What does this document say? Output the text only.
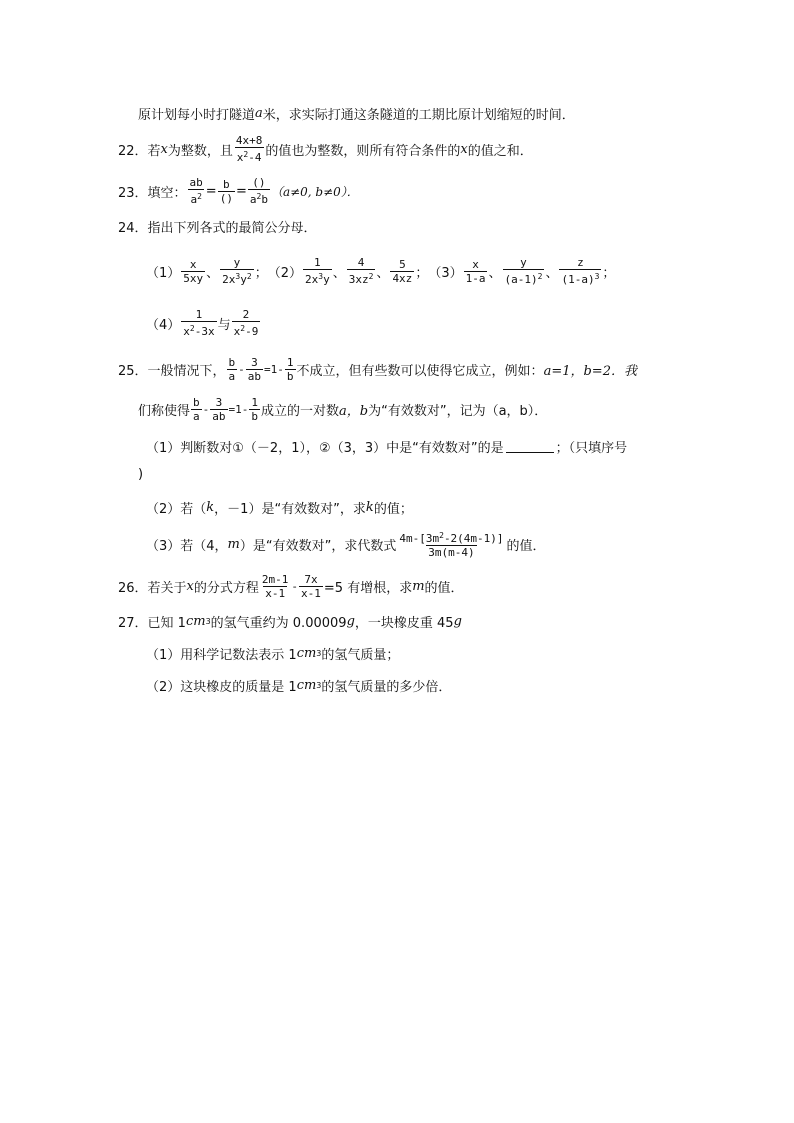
原计划每小时打隧道 a 米，求实际打通这条隧道的工期比原计划缩短的时间．
22．若 x 为整数，且 $\frac{4x+8}{x^2-4}$ 的值也为整数，则所有符合条件的 x 的值之和．
23．填空： $\frac{ab}{a^2} = \frac{b}{()} = \frac{()}{a^2b} (a\ne 0$, b≠0）．
24．指出下列各式的最简公分母．
$(1) \frac{x}{5xy}$ 、 $\frac{y}{2x^3y^2}$ ； $(2) \frac{1}{2x^3y}$ 、 $\frac{4}{3xz^2}$ 、 $\frac{5}{4xz}$ ； $(3) \frac{x}{1-a}$ 、 $\frac{y}{(a-1)^2}$ 、 $\frac{z}{(1-a)^3}$ ；
$(4) \frac{1}{x^2-3x}$ 与 $\frac{2}{x^2-9}$
25．一般情况下， $\frac{b}{a} - \frac{3}{ab} =1- \frac{1}{b}$ 不成立，但有些数可以使得它成立，例如： a=1，b=2．我
们称使得 $\frac{b}{a} - \frac{3}{ab} =1- \frac{1}{b}$ 成立的一对数 a，b 为“有效数对”，记为（a，b）．
（1）判断数对①（－2，1），②（3，3）中是“有效数对”的是	；（只填序号
)
（2）若（ k ，－1）是“有效数对”，求 k 的值；
（3）若（4， m ）是“有效数对”，求代数式 $\frac{4m-[3m^2-2(4m-1)]}{3m(m-4)}$ 的值．
26．若关于 x 的分式方程 $\frac{2m-1}{x-1} - \frac{7x}{x-1} =5$ 有增根，求 m 的值．
27．已知 1 cm 3 的氢气重约为 0.00009 g ，一块橡皮重 45 g
（1）用科学记数法表示 1 cm 3 的氢气质量；
（2）这块橡皮的质量是 1 cm 3 的氢气质量的多少倍．
